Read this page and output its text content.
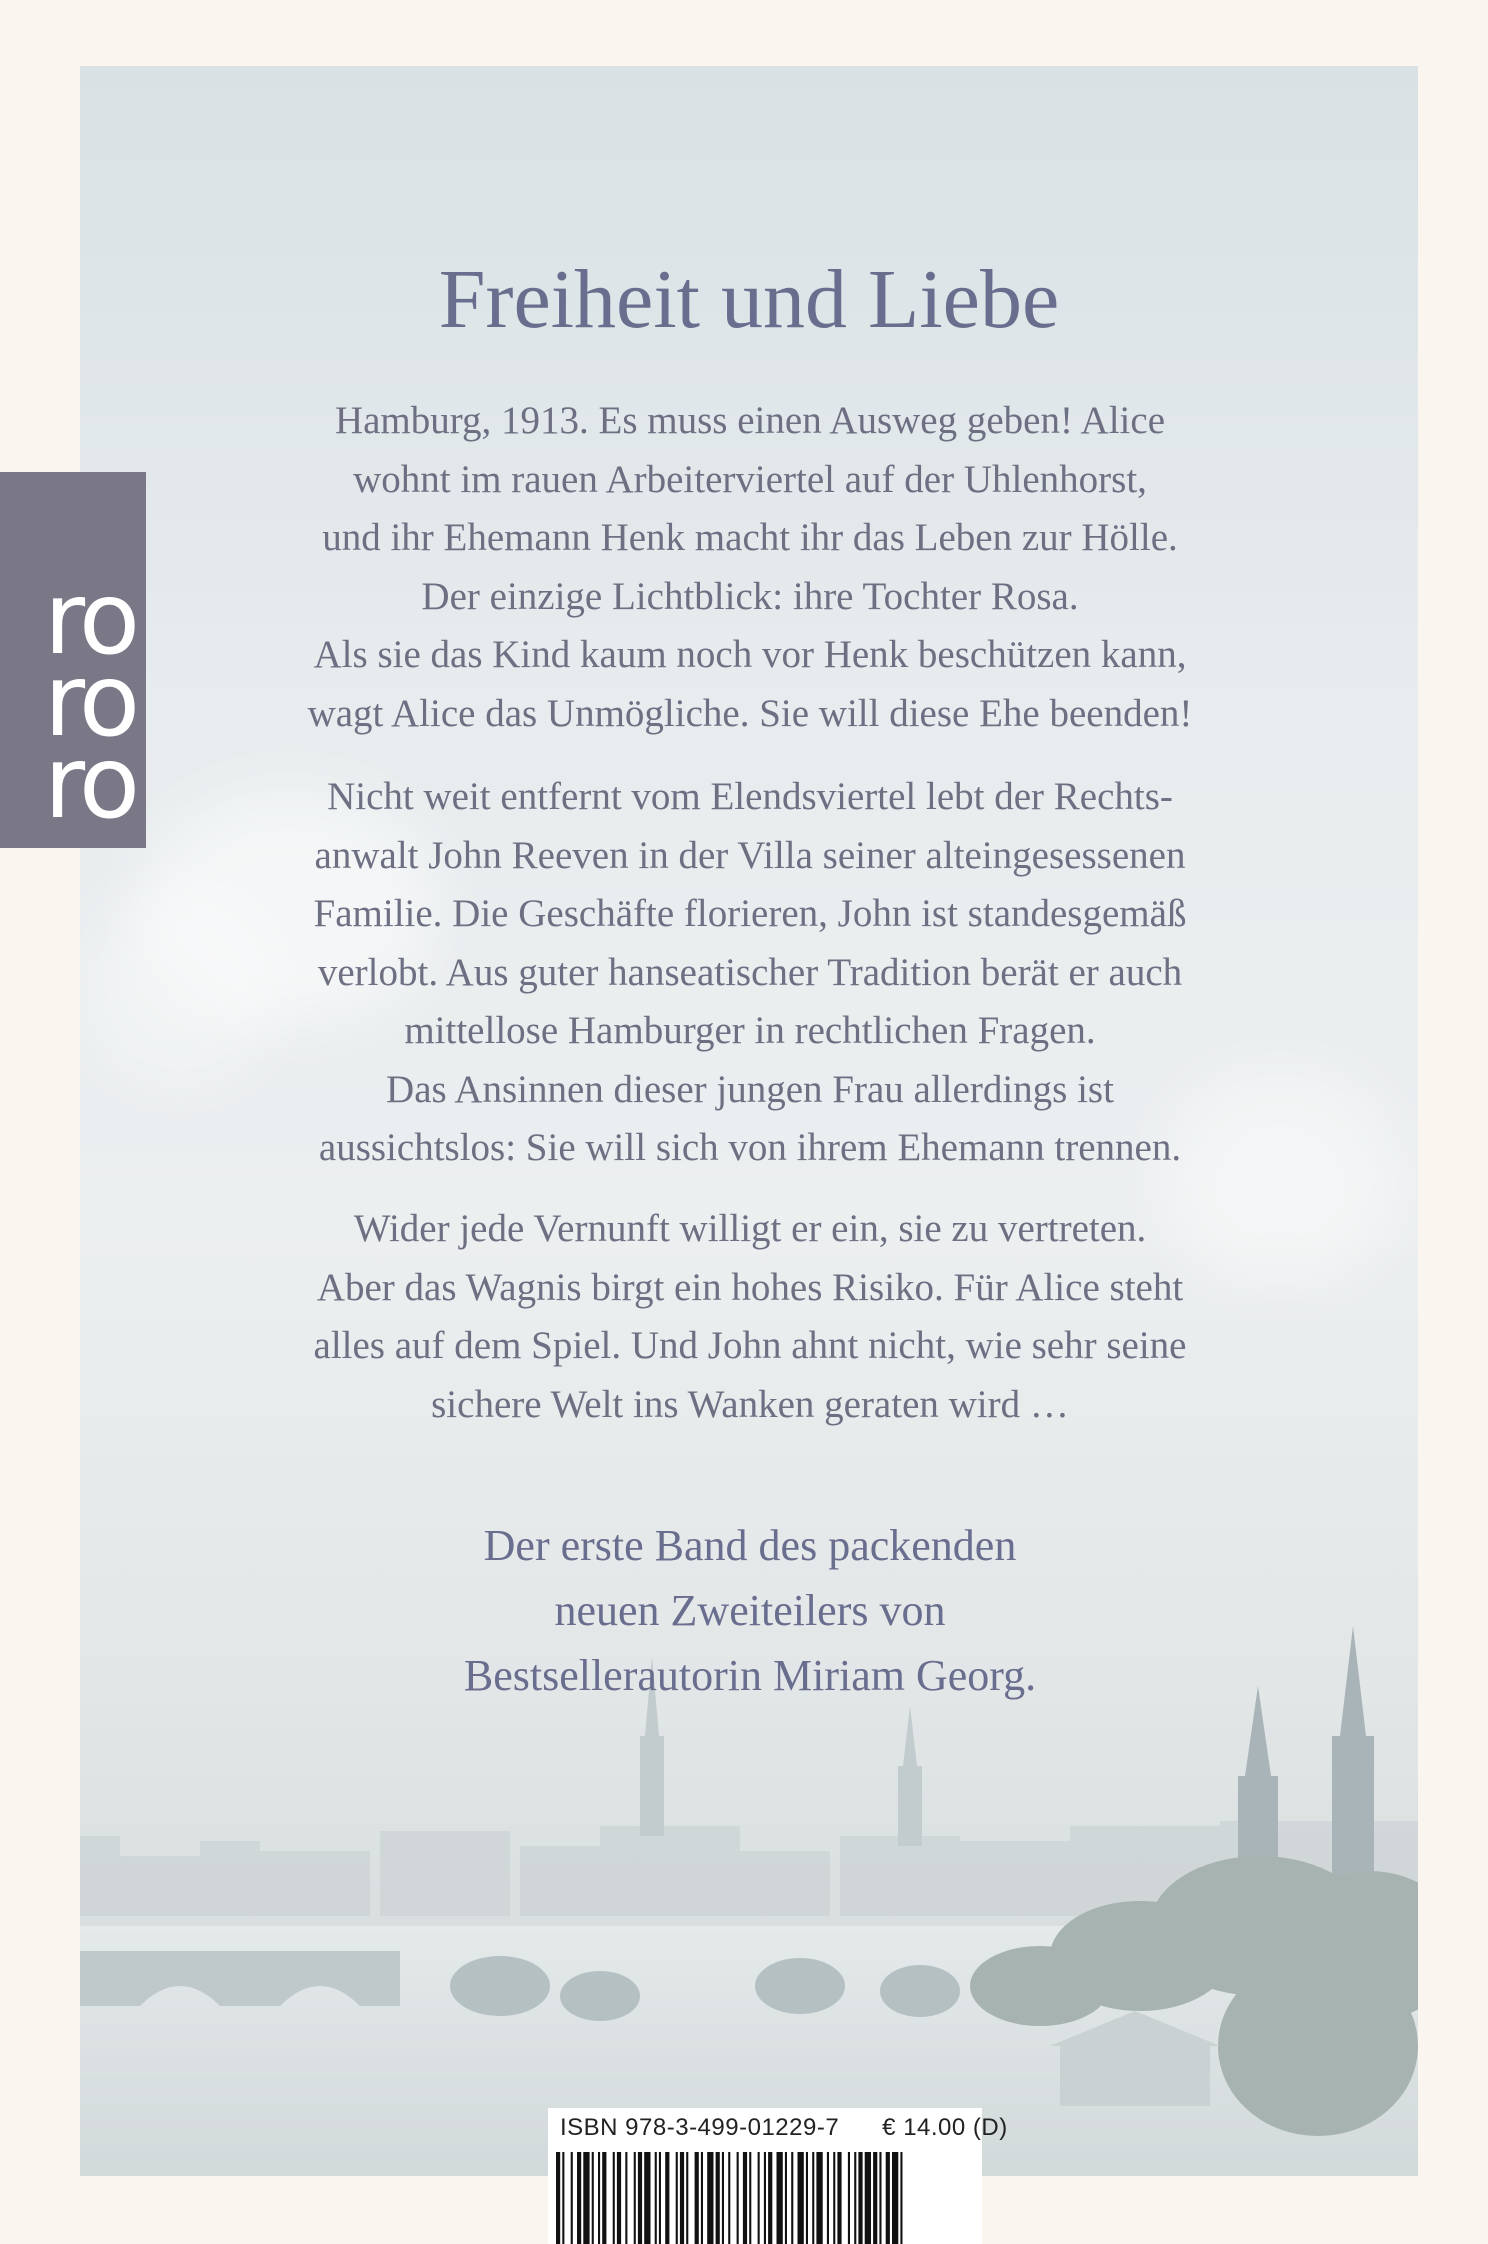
ro
ro
ro
Freiheit und Liebe

Hamburg, 1913. Es muss einen Ausweg geben! Alice
wohnt im rauen Arbeiterviertel auf der Uhlenhorst,
und ihr Ehemann Henk macht ihr das Leben zur Hölle.
Der einzige Lichtblick: ihre Tochter Rosa.
Als sie das Kind kaum noch vor Henk beschützen kann,
wagt Alice das Unmögliche. Sie will diese Ehe beenden!

Nicht weit entfernt vom Elendsviertel lebt der Rechts-
anwalt John Reeven in der Villa seiner alteingesessenen
Familie. Die Geschäfte florieren, John ist standesgemäß
verlobt. Aus guter hanseatischer Tradition berät er auch
mittellose Hamburger in rechtlichen Fragen.
Das Ansinnen dieser jungen Frau allerdings ist
aussichtslos: Sie will sich von ihrem Ehemann trennen.

Wider jede Vernunft willigt er ein, sie zu vertreten.
Aber das Wagnis birgt ein hohes Risiko. Für Alice steht
alles auf dem Spiel. Und John ahnt nicht, wie sehr seine
sichere Welt ins Wanken geraten wird …

Der erste Band des packenden
neuen Zweiteilers von
Bestsellerautorin Miriam Georg.

ISBN 978-3-499-01229-7      € 14.00 (D)
